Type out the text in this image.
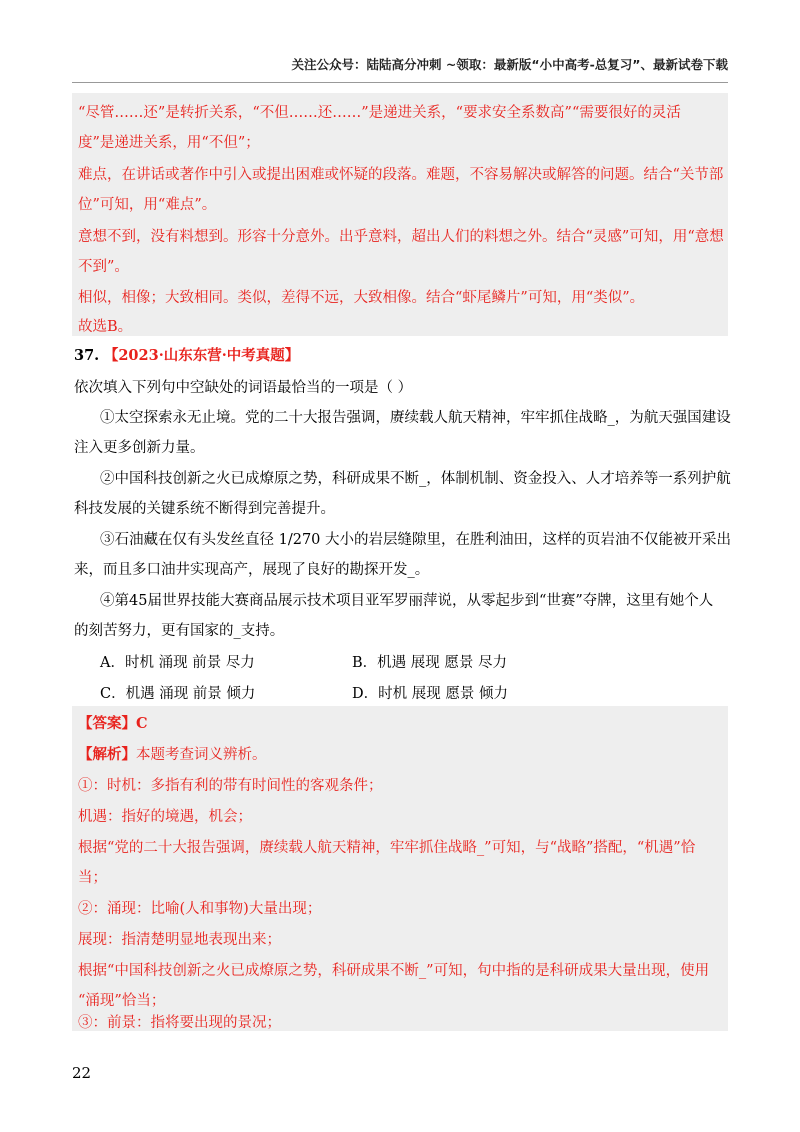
关注公众号：陆陆高分冲刺 ~领取：最新版“小中高考-总复习”、最新试卷下载
“尽管……还”是转折关系，“不但……还……”是递进关系，“要求安全系数高”“需要很好的灵活
度”是递进关系，用“不但”；
难点，在讲话或著作中引入或提出困难或怀疑的段落。难题，不容易解决或解答的问题。结合“关节部
位”可知，用“难点”。
意想不到，没有料想到。形容十分意外。出乎意料，超出人们的料想之外。结合“灵感”可知，用“意想
不到”。
相似，相像；大致相同。类似，差得不远，大致相像。结合“虾尾鳞片”可知，用“类似”。
故选B。
37. 【2023·山东东营·中考真题】
依次填入下列句中空缺处的词语最恰当的一项是（ ）
①太空探索永无止境。党的二十大报告强调，赓续载人航天精神，牢牢抓住战略_，为航天强国建设
注入更多创新力量。
②中国科技创新之火已成燎原之势，科研成果不断_，体制机制、资金投入、人才培养等一系列护航
科技发展的关键系统不断得到完善提升。
③石油藏在仅有头发丝直径 1/270 大小的岩层缝隙里，在胜利油田，这样的页岩油不仅能被开采出
来，而且多口油井实现高产，展现了良好的勘探开发_。
④第45届世界技能大赛商品展示技术项目亚军罗丽萍说，从零起步到“世赛”夺牌，这里有她个人
的刻苦努力，更有国家的_支持。
A．时机 涌现 前景 尽力	B．机遇 展现 愿景 尽力
C．机遇 涌现 前景 倾力	D．时机 展现 愿景 倾力
【答案】C
【解析】本题考查词义辨析。
①：时机：多指有利的带有时间性的客观条件；
机遇：指好的境遇，机会；
根据“党的二十大报告强调，赓续载人航天精神，牢牢抓住战略_”可知，与“战略”搭配，“机遇”恰
当；
②：涌现：比喻(人和事物)大量出现；
展现：指清楚明显地表现出来；
根据“中国科技创新之火已成燎原之势，科研成果不断_”可知，句中指的是科研成果大量出现，使用
“涌现”恰当；
③：前景：指将要出现的景况；
22
